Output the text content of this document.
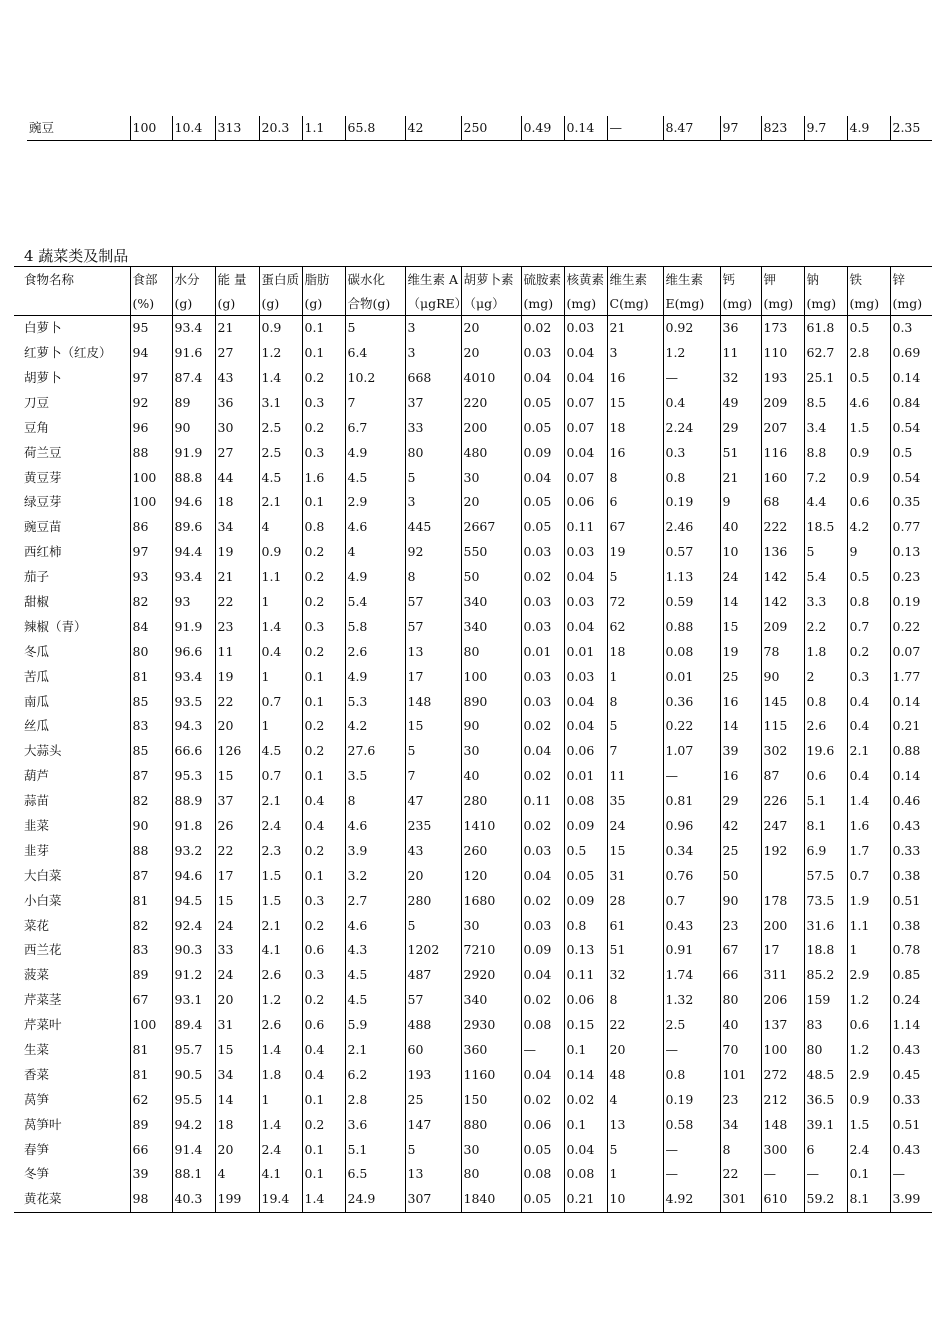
豌豆	100	10.4	313	20.3	1.1	65.8	42	250	0.49	0.14	—	8.47	97	823	9.7	4.9	2.35
4 蔬菜类及制品
食物名称	食部	水分	能 量	蛋白质	脂肪	碳水化	维生素 A	胡萝卜素	硫胺素	核黄素	维生素	维生素	钙	钾	钠	铁	锌
	(%)	(g)	(g)	(g)	(g)	合物(g)	（μgRE）	（μg）	(mg)	(mg)	C(mg)	E(mg)	(mg)	(mg)	(mg)	(mg)	(mg)
白萝卜	95	93.4	21	0.9	0.1	5	3	20	0.02	0.03	21	0.92	36	173	61.8	0.5	0.3
红萝卜（红皮）	94	91.6	27	1.2	0.1	6.4	3	20	0.03	0.04	3	1.2	11	110	62.7	2.8	0.69
胡萝卜	97	87.4	43	1.4	0.2	10.2	668	4010	0.04	0.04	16	—	32	193	25.1	0.5	0.14
刀豆	92	89	36	3.1	0.3	7	37	220	0.05	0.07	15	0.4	49	209	8.5	4.6	0.84
豆角	96	90	30	2.5	0.2	6.7	33	200	0.05	0.07	18	2.24	29	207	3.4	1.5	0.54
荷兰豆	88	91.9	27	2.5	0.3	4.9	80	480	0.09	0.04	16	0.3	51	116	8.8	0.9	0.5
黄豆芽	100	88.8	44	4.5	1.6	4.5	5	30	0.04	0.07	8	0.8	21	160	7.2	0.9	0.54
绿豆芽	100	94.6	18	2.1	0.1	2.9	3	20	0.05	0.06	6	0.19	9	68	4.4	0.6	0.35
豌豆苗	86	89.6	34	4	0.8	4.6	445	2667	0.05	0.11	67	2.46	40	222	18.5	4.2	0.77
西红柿	97	94.4	19	0.9	0.2	4	92	550	0.03	0.03	19	0.57	10	136	5	9	0.13
茄子	93	93.4	21	1.1	0.2	4.9	8	50	0.02	0.04	5	1.13	24	142	5.4	0.5	0.23
甜椒	82	93	22	1	0.2	5.4	57	340	0.03	0.03	72	0.59	14	142	3.3	0.8	0.19
辣椒（青）	84	91.9	23	1.4	0.3	5.8	57	340	0.03	0.04	62	0.88	15	209	2.2	0.7	0.22
冬瓜	80	96.6	11	0.4	0.2	2.6	13	80	0.01	0.01	18	0.08	19	78	1.8	0.2	0.07
苦瓜	81	93.4	19	1	0.1	4.9	17	100	0.03	0.03	1	0.01	25	90	2	0.3	1.77
南瓜	85	93.5	22	0.7	0.1	5.3	148	890	0.03	0.04	8	0.36	16	145	0.8	0.4	0.14
丝瓜	83	94.3	20	1	0.2	4.2	15	90	0.02	0.04	5	0.22	14	115	2.6	0.4	0.21
大蒜头	85	66.6	126	4.5	0.2	27.6	5	30	0.04	0.06	7	1.07	39	302	19.6	2.1	0.88
葫芦	87	95.3	15	0.7	0.1	3.5	7	40	0.02	0.01	11	—	16	87	0.6	0.4	0.14
蒜苗	82	88.9	37	2.1	0.4	8	47	280	0.11	0.08	35	0.81	29	226	5.1	1.4	0.46
韭菜	90	91.8	26	2.4	0.4	4.6	235	1410	0.02	0.09	24	0.96	42	247	8.1	1.6	0.43
韭芽	88	93.2	22	2.3	0.2	3.9	43	260	0.03	0.5	15	0.34	25	192	6.9	1.7	0.33
大白菜	87	94.6	17	1.5	0.1	3.2	20	120	0.04	0.05	31	0.76	50		57.5	0.7	0.38
小白菜	81	94.5	15	1.5	0.3	2.7	280	1680	0.02	0.09	28	0.7	90	178	73.5	1.9	0.51
菜花	82	92.4	24	2.1	0.2	4.6	5	30	0.03	0.8	61	0.43	23	200	31.6	1.1	0.38
西兰花	83	90.3	33	4.1	0.6	4.3	1202	7210	0.09	0.13	51	0.91	67	17	18.8	1	0.78
菠菜	89	91.2	24	2.6	0.3	4.5	487	2920	0.04	0.11	32	1.74	66	311	85.2	2.9	0.85
芹菜茎	67	93.1	20	1.2	0.2	4.5	57	340	0.02	0.06	8	1.32	80	206	159	1.2	0.24
芹菜叶	100	89.4	31	2.6	0.6	5.9	488	2930	0.08	0.15	22	2.5	40	137	83	0.6	1.14
生菜	81	95.7	15	1.4	0.4	2.1	60	360	—	0.1	20	—	70	100	80	1.2	0.43
香菜	81	90.5	34	1.8	0.4	6.2	193	1160	0.04	0.14	48	0.8	101	272	48.5	2.9	0.45
莴笋	62	95.5	14	1	0.1	2.8	25	150	0.02	0.02	4	0.19	23	212	36.5	0.9	0.33
莴笋叶	89	94.2	18	1.4	0.2	3.6	147	880	0.06	0.1	13	0.58	34	148	39.1	1.5	0.51
春笋	66	91.4	20	2.4	0.1	5.1	5	30	0.05	0.04	5	—	8	300	6	2.4	0.43
冬笋	39	88.1	4	4.1	0.1	6.5	13	80	0.08	0.08	1	—	22	—	—	0.1	—
黄花菜	98	40.3	199	19.4	1.4	24.9	307	1840	0.05	0.21	10	4.92	301	610	59.2	8.1	3.99
